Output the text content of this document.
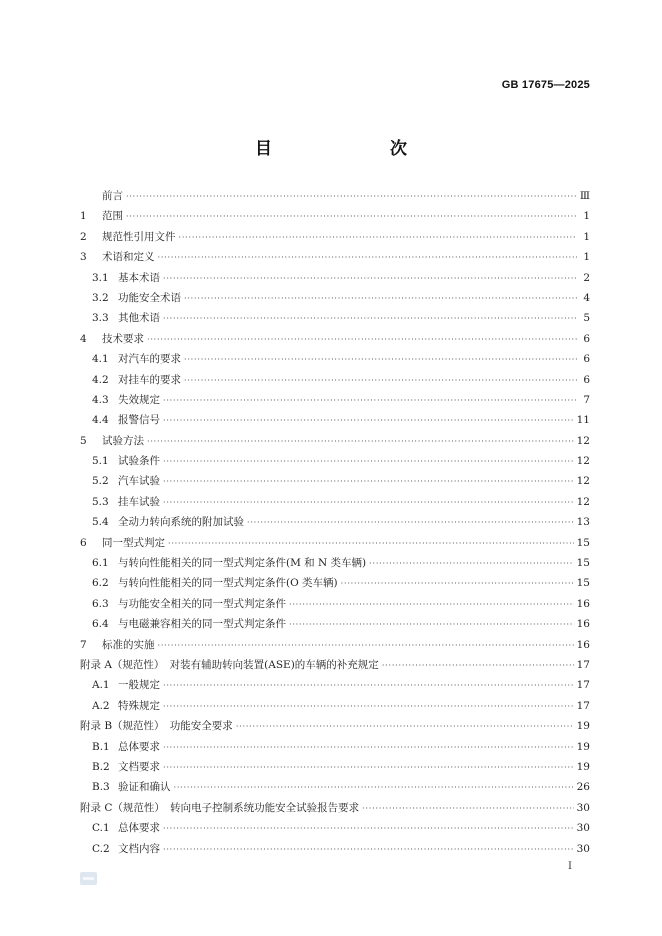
GB 17675—2025
目　　次
前言 ·····	Ⅲ
1	范围 ·····	1
2	规范性引用文件 ·····	1
3	术语和定义 ·····	1
3.1 基本术语 ·····	2
3.2 功能安全术语 ·····	4
3.3 其他术语 ·····	5
4	技术要求 ·····	6
4.1 对汽车的要求 ·····	6
4.2 对挂车的要求 ·····	6
4.3 失效规定 ·····	7
4.4 报警信号 ·····	11
5	试验方法 ·····	12
5.1 试验条件 ·····	12
5.2 汽车试验 ·····	12
5.3 挂车试验 ·····	12
5.4 全动力转向系统的附加试验 ·····	13
6	同一型式判定 ·····	15
6.1 与转向性能相关的同一型式判定条件(M 和 N 类车辆) ·····	15
6.2 与转向性能相关的同一型式判定条件(O 类车辆) ·····	15
6.3 与功能安全相关的同一型式判定条件 ·····	16
6.4 与电磁兼容相关的同一型式判定条件 ·····	16
7	标准的实施 ·····	16
附录 A（规范性）　对装有辅助转向装置(ASE)的车辆的补充规定 ·····	17
A.1 一般规定 ·····	17
A.2 特殊规定 ·····	17
附录 B（规范性）　功能安全要求 ·····	19
B.1 总体要求 ·····	19
B.2 文档要求 ·····	19
B.3 验证和确认 ·····	26
附录 C（规范性）　转向电子控制系统功能安全试验报告要求 ·····	30
C.1 总体要求 ·····	30
C.2 文档内容 ·····	30
I
